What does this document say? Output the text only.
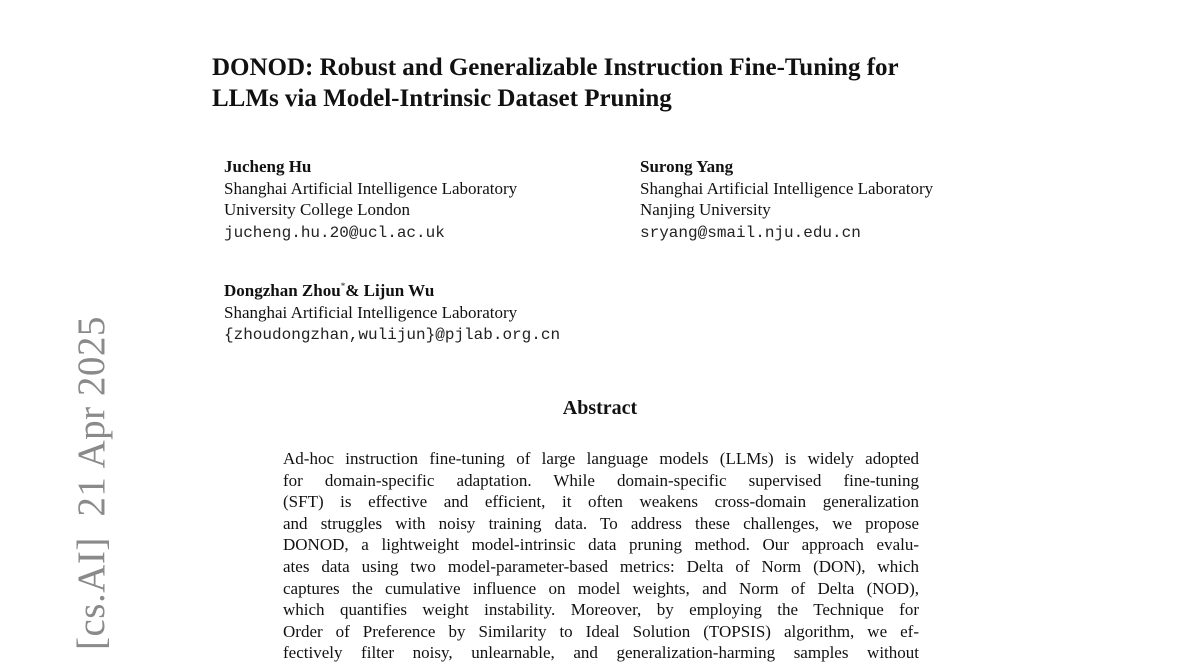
[cs.AI]  21 Apr 2025
DONOD: Robust and Generalizable Instruction Fine-Tuning for
LLMs via Model-Intrinsic Dataset Pruning
Jucheng Hu
Shanghai Artificial Intelligence Laboratory
University College London
jucheng.hu.20@ucl.ac.uk
Surong Yang
Shanghai Artificial Intelligence Laboratory
Nanjing University
sryang@smail.nju.edu.cn
Dongzhan Zhou*& Lijun Wu
Shanghai Artificial Intelligence Laboratory
{zhoudongzhan,wulijun}@pjlab.org.cn
Abstract

Ad-hoc instruction fine-tuning of large language models (LLMs) is widely adopted
for domain-specific adaptation. While domain-specific supervised fine-tuning
(SFT) is effective and efficient, it often weakens cross-domain generalization
and struggles with noisy training data. To address these challenges, we propose
DONOD, a lightweight model-intrinsic data pruning method. Our approach evalu-
ates data using two model-parameter-based metrics: Delta of Norm (DON), which
captures the cumulative influence on model weights, and Norm of Delta (NOD),
which quantifies weight instability. Moreover, by employing the Technique for
Order of Preference by Similarity to Ideal Solution (TOPSIS) algorithm, we ef-
fectively filter noisy, unlearnable, and generalization-harming samples without
